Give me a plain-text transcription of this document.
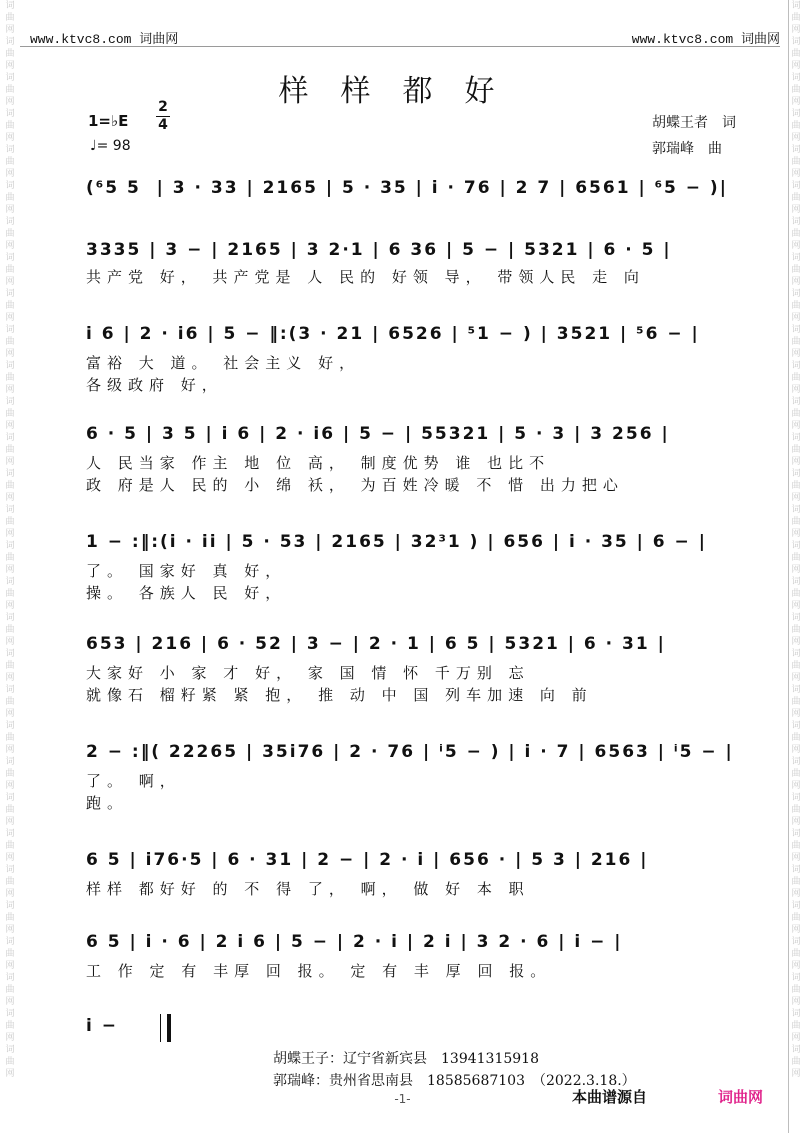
词曲网词曲网词曲网词曲网词曲网词曲网词曲网词曲网词曲网词曲网词曲网词曲网词曲网词曲网词曲网词曲网词曲网词曲网词曲网词曲网词曲网词曲网词曲网词曲网词曲网词曲网词曲网词曲网词曲网词曲网
词曲网词曲网词曲网词曲网词曲网词曲网词曲网词曲网词曲网词曲网词曲网词曲网词曲网词曲网词曲网词曲网词曲网词曲网词曲网词曲网词曲网词曲网词曲网词曲网词曲网词曲网词曲网词曲网词曲网词曲网
www.ktvc8.com 词曲网	www.ktvc8.com 词曲网
样样都好
1=♭E
2
4
♩= 98
胡蝶王者　词
郭瑞峰　曲
(⁶5 5  | 3 · 33 | 2165 | 5 · 35 | i · 76 | 2 7 | 6561 | ⁶5 − )|
3335 | 3 − | 2165 | 3 2·1 | 6 36 | 5 − | 5321 | 6 · 5 |
共产党 好， 共产党是 人 民的 好领 导， 带领人民 走 向
i 6 | 2 · i6 | 5 − ‖:(3 · 21 | 6526 | ⁵1 − ) | 3521 | ⁵6 − |
富裕 大 道。 社会主义 好，
各级政府 好，
6 · 5 | 3 5 | i 6 | 2 · i6 | 5 − | 55321 | 5 · 3 | 3 256 |
人 民当家 作主 地 位 高， 制度优势 谁 也比不
政 府是人 民的 小 绵 袄， 为百姓冷暖 不 惜 出力把心
1 − :‖:(i · ii | 5 · 53 | 2165 | 32³1 ) | 656 | i · 35 | 6 − |
了。 国家好 真 好，
操。 各族人 民 好，
653 | 216 | 6 · 52 | 3 − | 2 · 1 | 6 5 | 5321 | 6 · 31 |
大家好 小 家 才 好， 家 国 情 怀 千万别 忘
就像石 榴籽紧 紧 抱， 推 动 中 国 列车加速 向 前
2 − :‖( 22265 | 35i76 | 2 · 76 | ⁱ5 − ) | i · 7 | 6563 | ⁱ5 − |
了。 啊，
跑。
6 5 | i76·5 | 6 · 31 | 2 − | 2 · i | 656 · | 5 3 | 216 |
样样 都好好 的 不 得 了， 啊， 做 好 本 职
6 5 | i · 6 | 2 i 6 | 5 − | 2 · i | 2 i | 3 2 · 6 | i − |
工 作 定 有 丰厚 回 报。 定 有 丰 厚 回 报。
i −
胡蝶王子：辽宁省新宾县　13941315918
郭瑞峰：贵州省思南县　18585687103　（2022.3.18.）
-1-	本曲谱源自	词曲网
